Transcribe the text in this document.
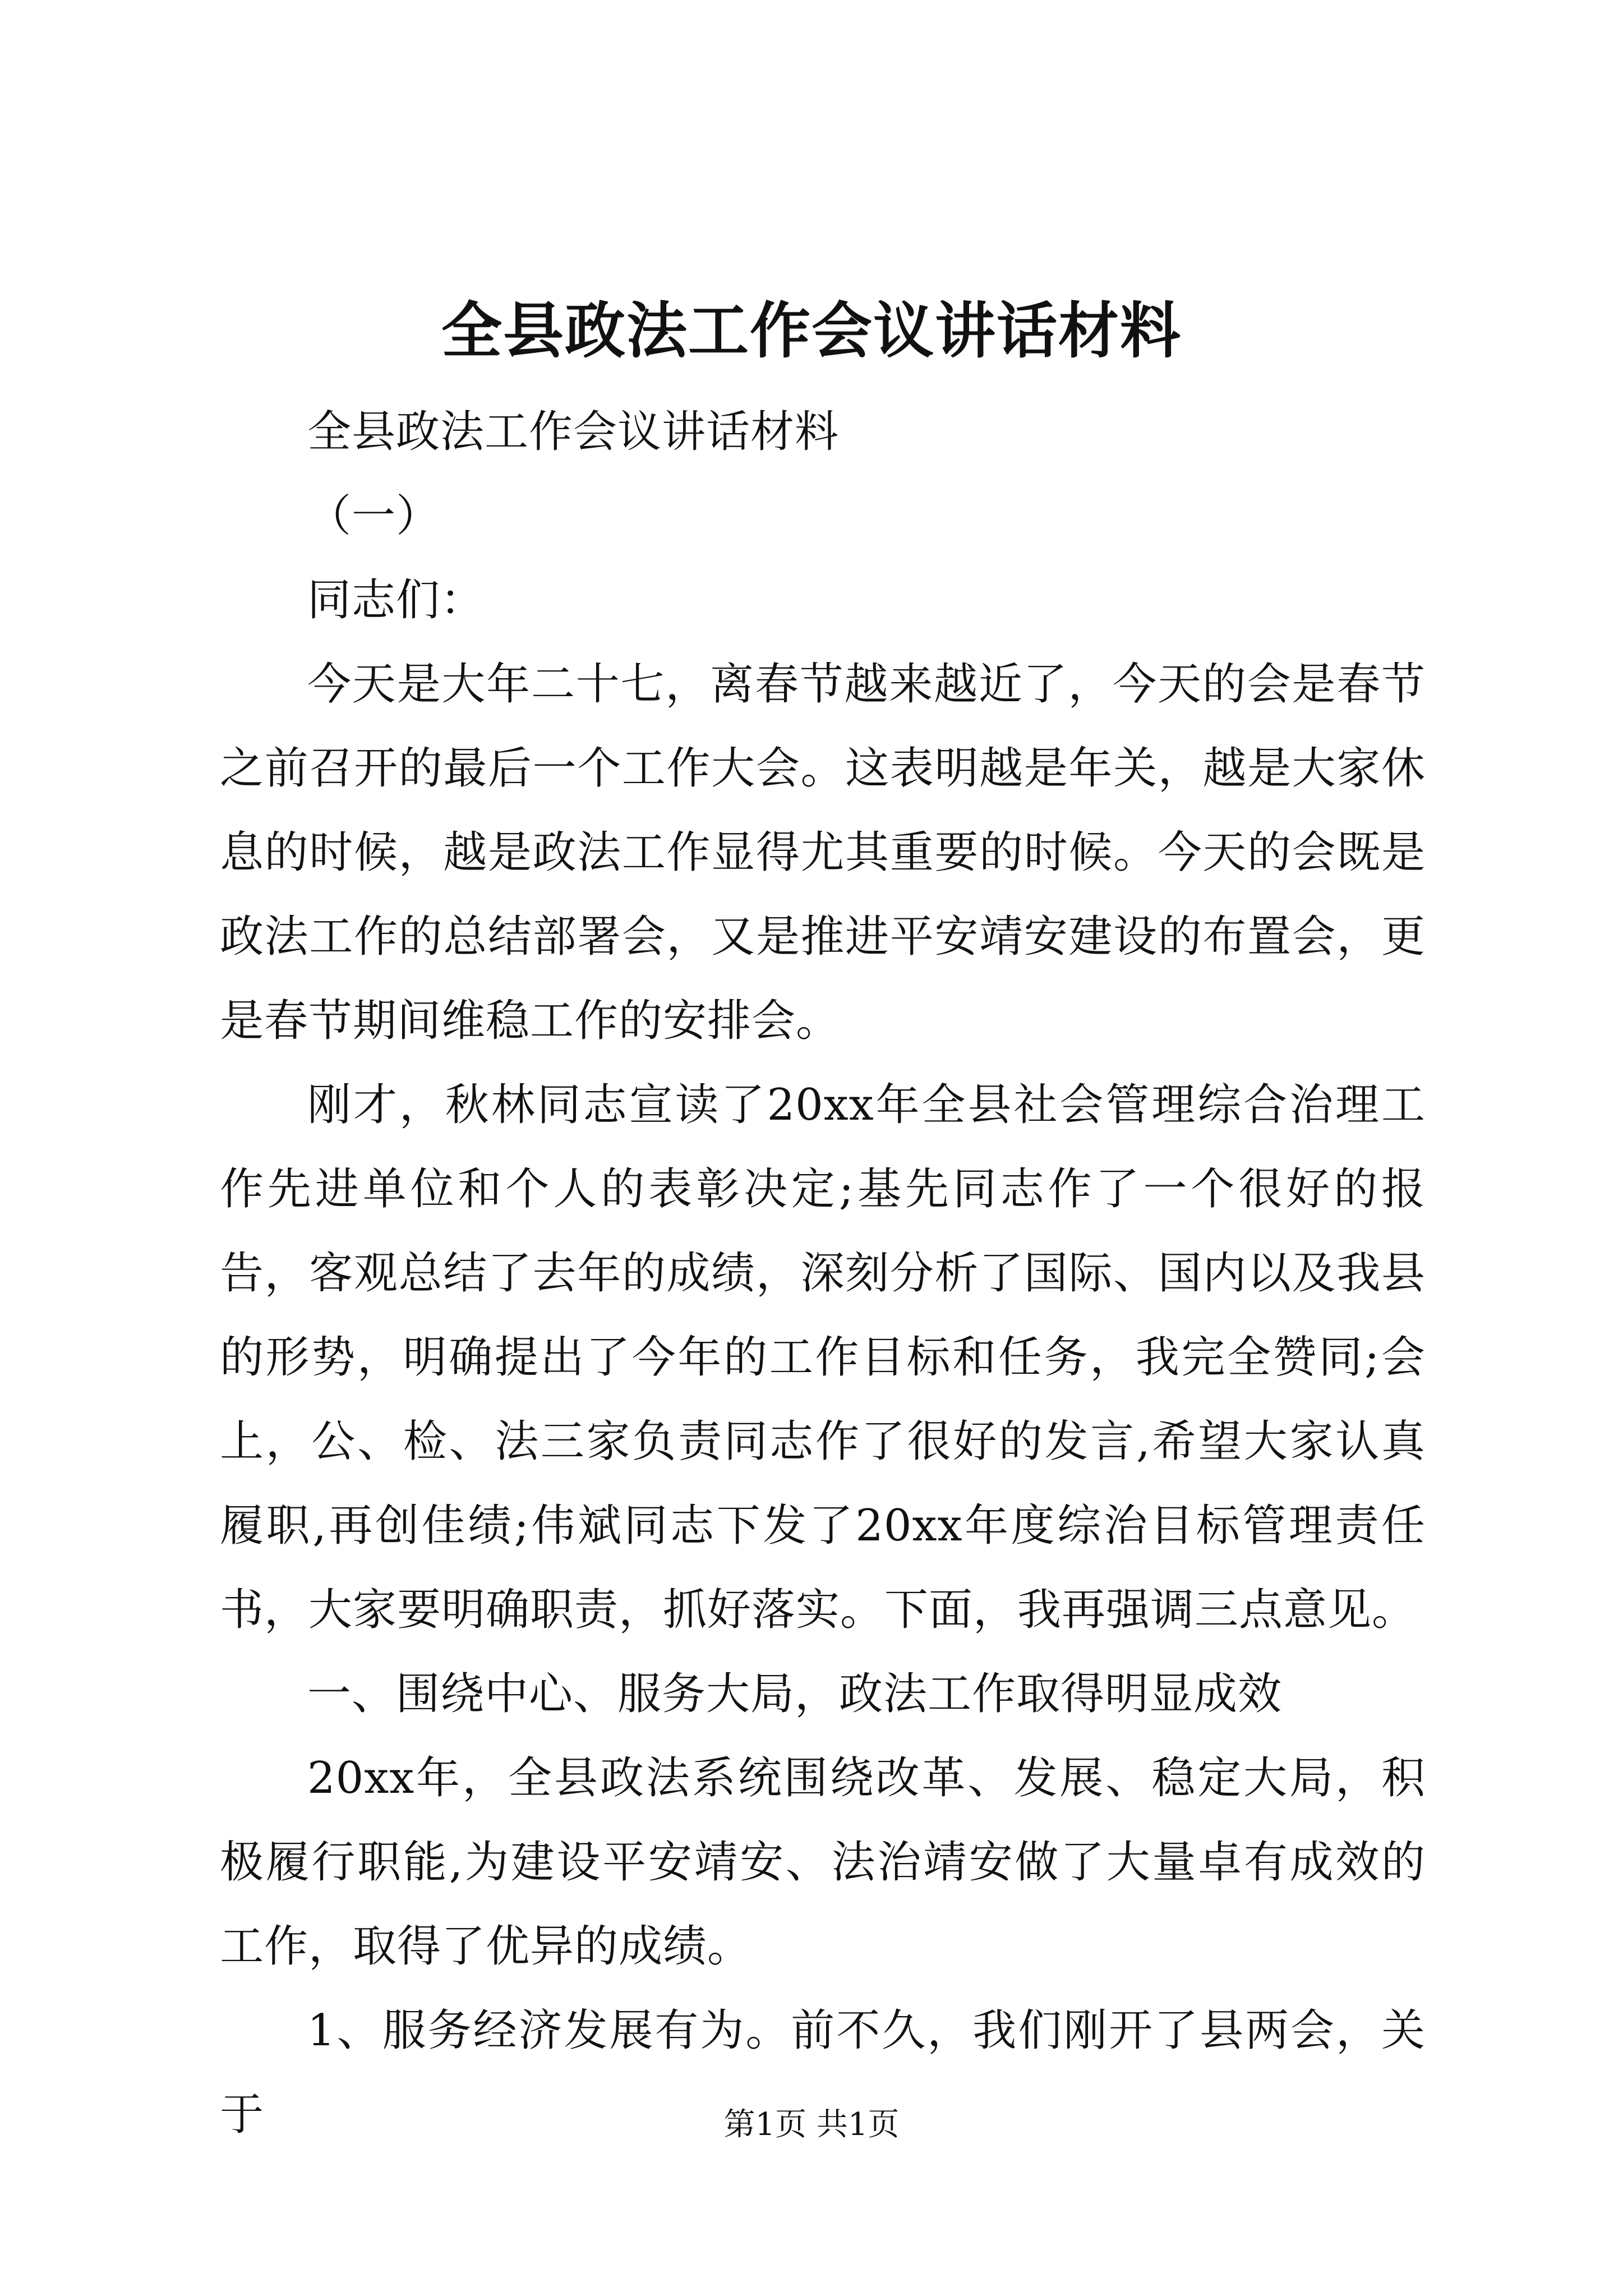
全县政法工作会议讲话材料

全县政法工作会议讲话材料

（一）

同志们：

今天是大年二十七，离春节越来越近了，今天的会是春节之前召开的最后一个工作大会。这表明越是年关，越是大家休息的时候，越是政法工作显得尤其重要的时候。今天的会既是政法工作的总结部署会，又是推进平安靖安建设的布置会，更是春节期间维稳工作的安排会。

刚才，秋林同志宣读了20xx年全县社会管理综合治理工作先进单位和个人的表彰决定;基先同志作了一个很好的报告，客观总结了去年的成绩，深刻分析了国际、国内以及我县的形势，明确提出了今年的工作目标和任务，我完全赞同;会上，公、检、法三家负责同志作了很好的发言,希望大家认真履职,再创佳绩;伟斌同志下发了20xx年度综治目标管理责任书，大家要明确职责，抓好落实。下面，我再强调三点意见。

一、围绕中心、服务大局，政法工作取得明显成效

20xx年，全县政法系统围绕改革、发展、稳定大局，积极履行职能,为建设平安靖安、法治靖安做了大量卓有成效的工作，取得了优异的成绩。

1、服务经济发展有为。前不久，我们刚开了县两会，关于	第1页 共1页
